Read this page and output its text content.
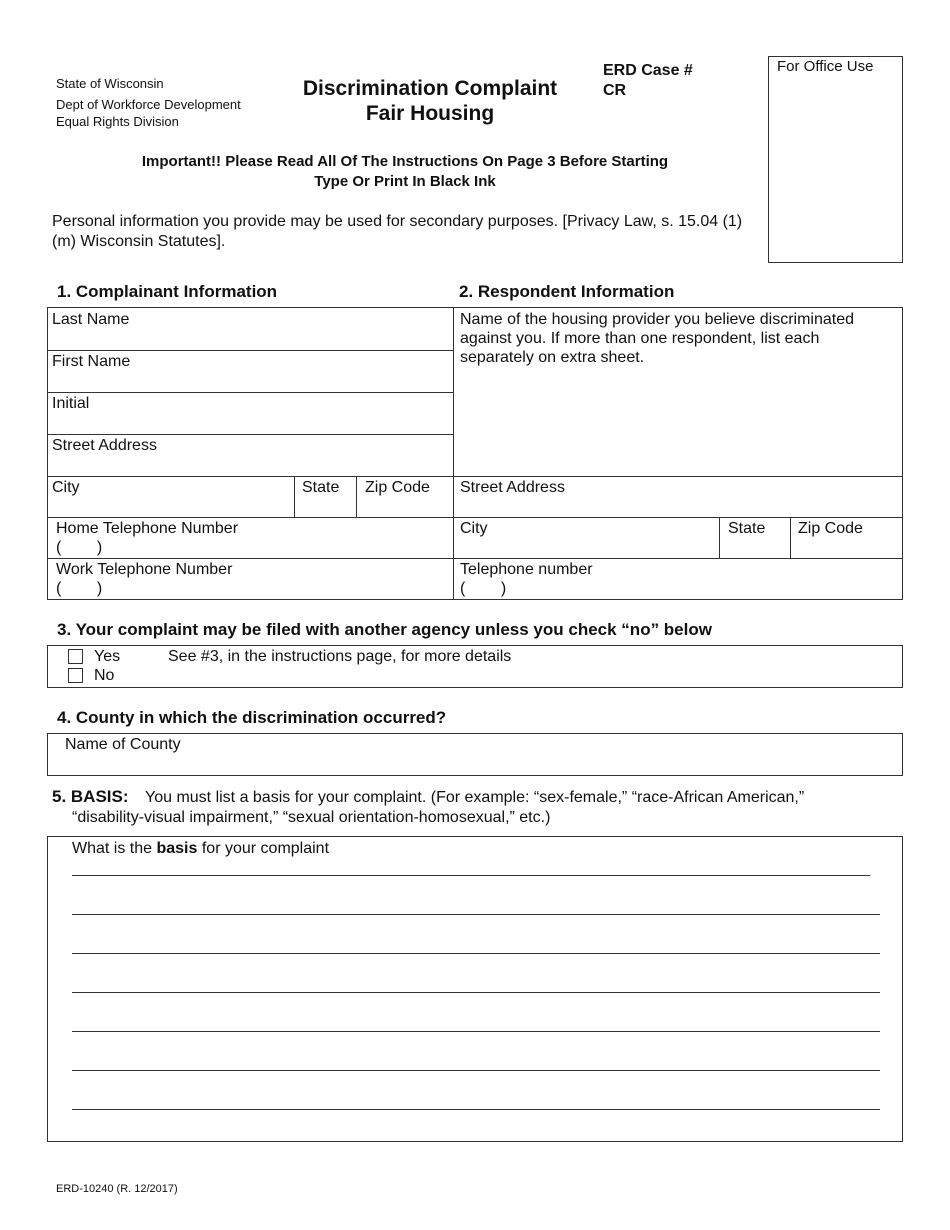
State of Wisconsin
Dept of Workforce Development
Equal Rights Division
Discrimination Complaint
Fair Housing
ERD Case #
CR
For Office Use
Important!! Please Read All Of The Instructions On Page 3 Before Starting
Type Or Print In Black Ink
Personal information you provide may be used for secondary purposes. [Privacy Law, s. 15.04 (1)(m) Wisconsin Statutes].
1. Complainant Information	2. Respondent Information
Last Name
First Name
Initial
Street Address
City	State	Zip Code
Home Telephone Number
(        )
Work Telephone Number
(        )
Name of the housing provider you believe discriminated against you. If more than one respondent, list each separately on extra sheet.
Street Address
City	State	Zip Code
Telephone number
(        )
3. Your complaint may be filed with another agency unless you check “no” below
Yes
No
See #3, in the instructions page, for more details
4. County in which the discrimination occurred?
Name of County
5. BASIS: You must list a basis for your complaint. (For example: “sex-female,” “race-African American,”
“disability-visual impairment,” “sexual orientation-homosexual,” etc.)
What is the basis for your complaint
ERD-10240 (R. 12/2017)
